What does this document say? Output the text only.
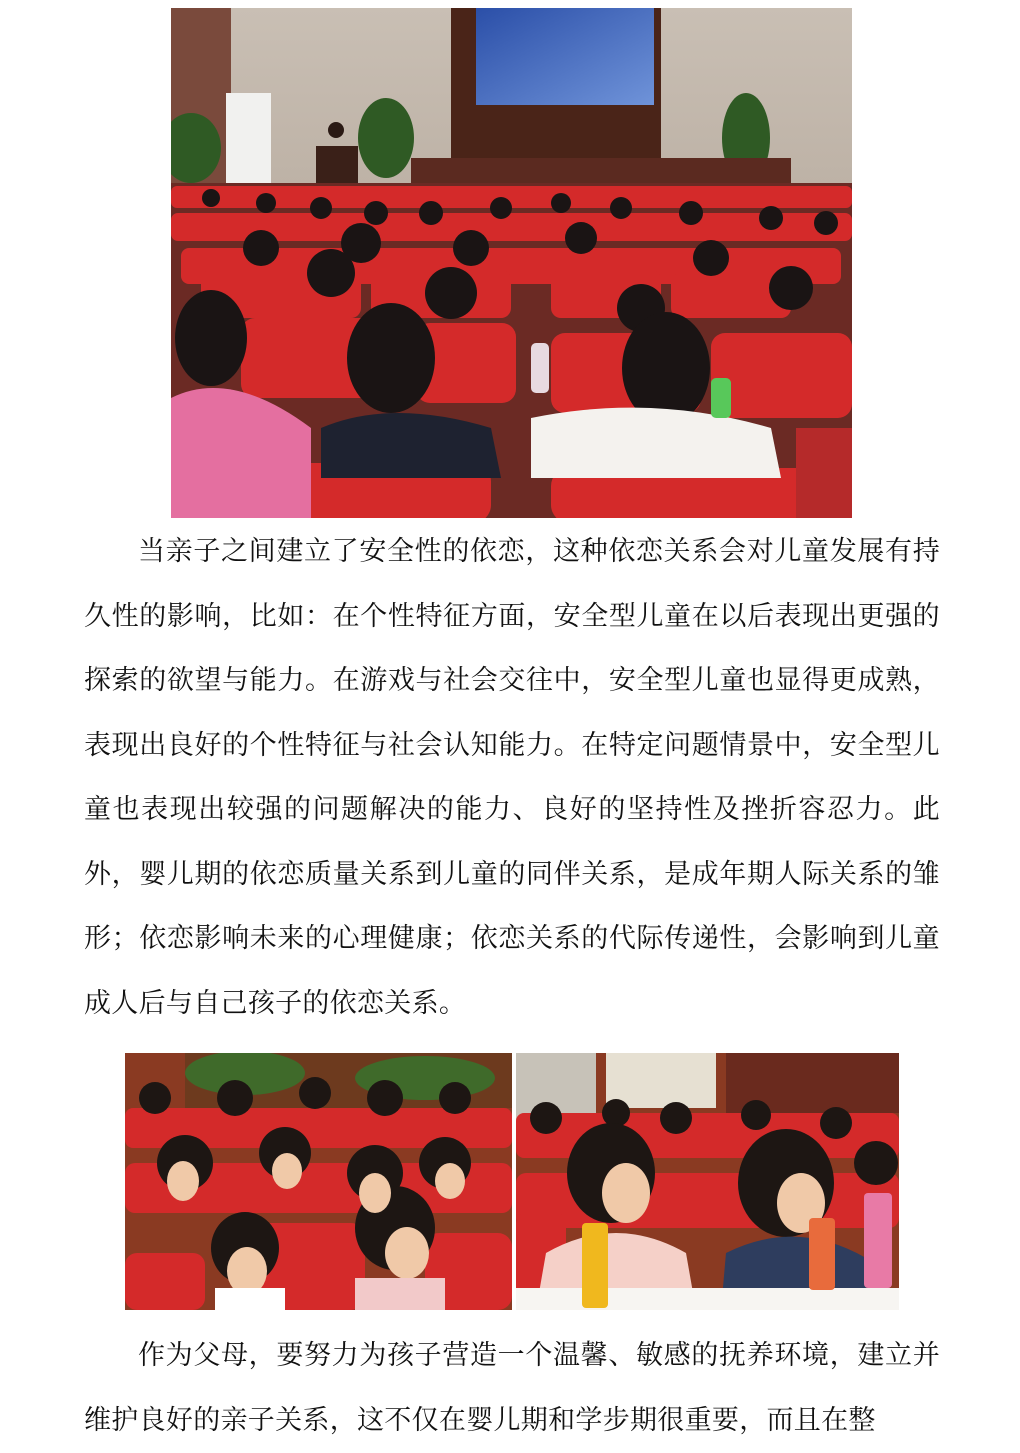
当亲子之间建立了安全性的依恋，这种依恋关系会对儿童发展有持久性的影响，比如：在个性特征方面，安全型儿童在以后表现出更强的探索的欲望与能力。在游戏与社会交往中，安全型儿童也显得更成熟，表现出良好的个性特征与社会认知能力。在特定问题情景中，安全型儿童也表现出较强的问题解决的能力、良好的坚持性及挫折容忍力。此外，婴儿期的依恋质量关系到儿童的同伴关系，是成年期人际关系的雏形；依恋影响未来的心理健康；依恋关系的代际传递性，会影响到儿童成人后与自己孩子的依恋关系。

作为父母，要努力为孩子营造一个温馨、敏感的抚养环境，建立并维护良好的亲子关系，这不仅在婴儿期和学步期很重要，而且在整
